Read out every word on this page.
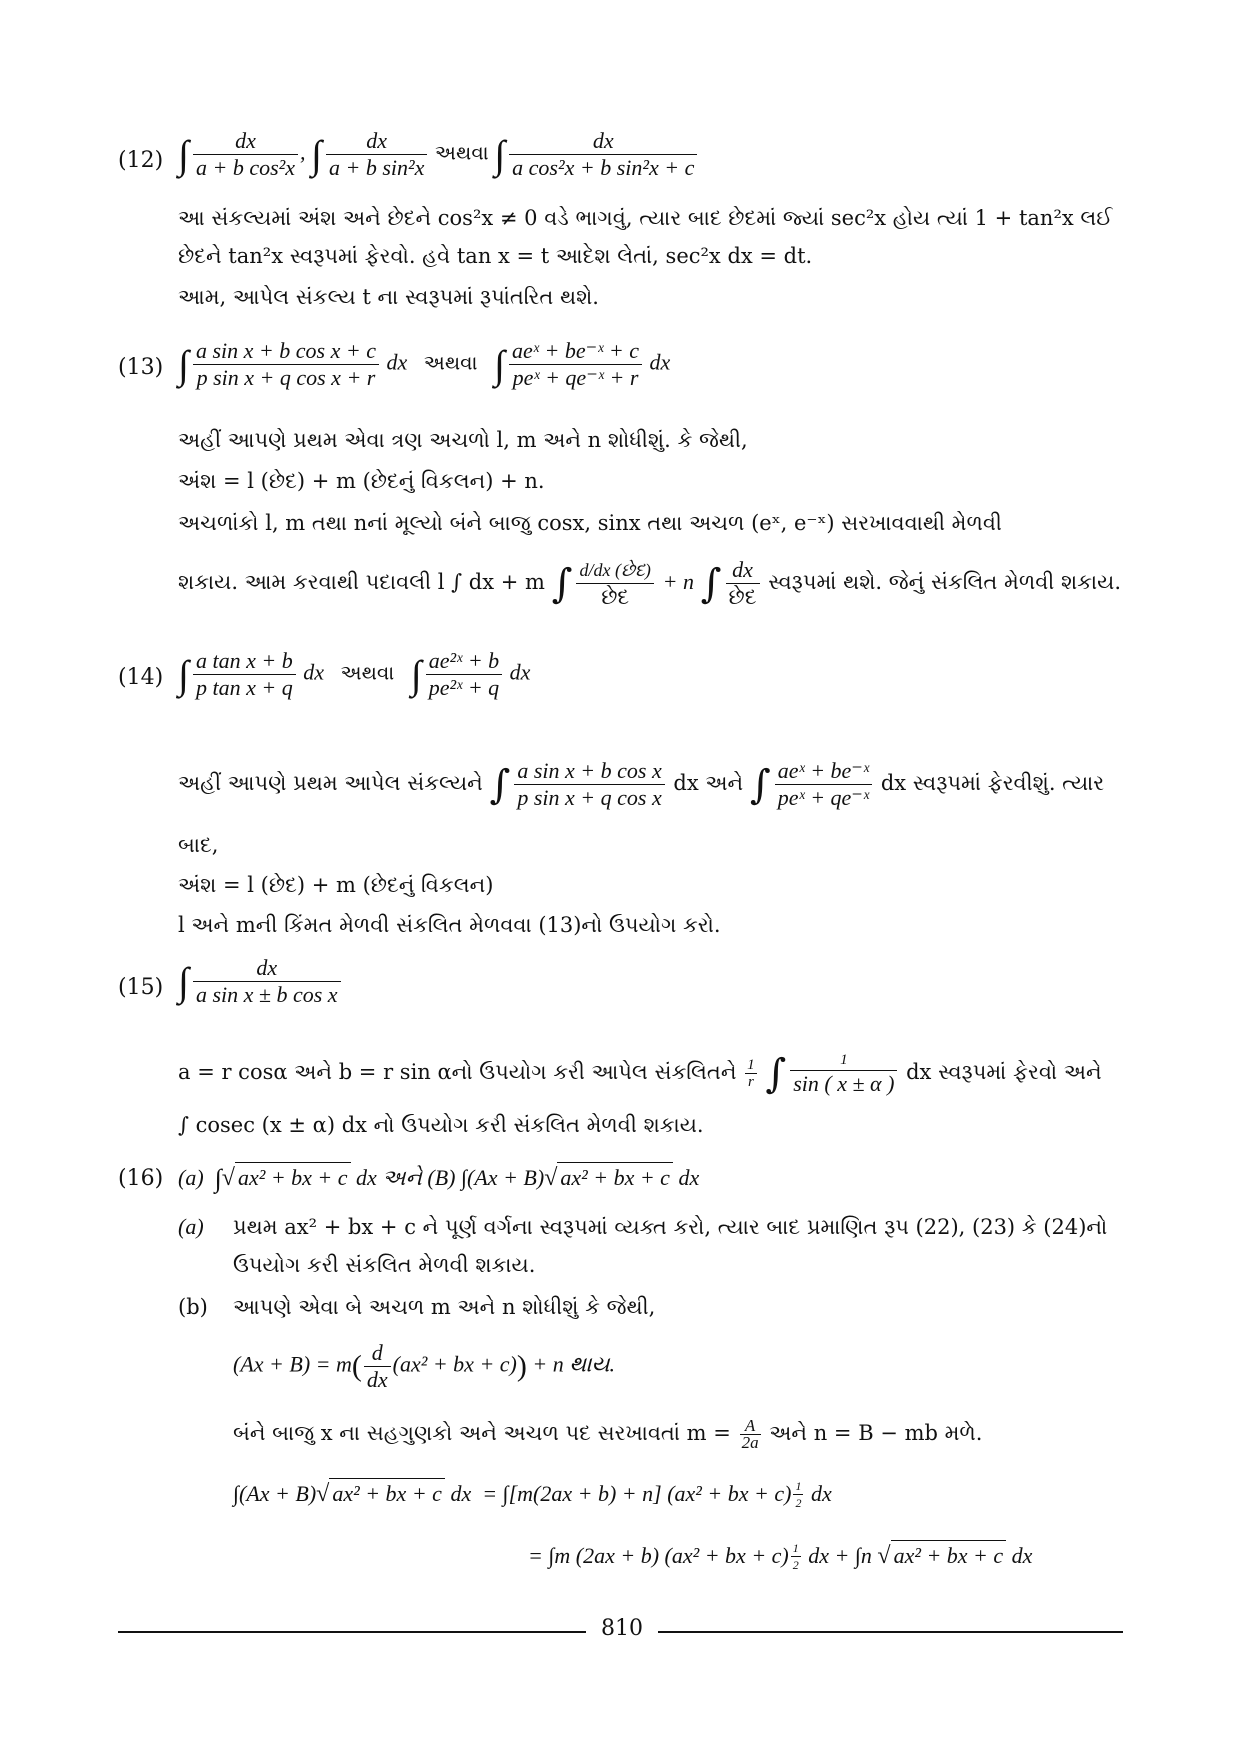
(12) ∫ $\frac{dx}{\text{a + b cos²x}}$ , ∫ $\frac{dx}{\text{a + b sin²x}}$ અથવા ∫ $\frac{dx}{\text{a cos²x + b sin²x + c}}$
આ સંકલ્યમાં અંશ અને છેદને cos²x ≠ 0 વડે ભાગવું, ત્યાર બાદ છેદમાં જ્યાં sec²x હોય ત્યાં 1 + tan²x લઈ
છેદને tan²x સ્વરૂપમાં ફેરવો. હવે tan x = t આદેશ લેતાં, sec²x dx = dt.
આમ, આપેલ સંકલ્ય t ના સ્વરૂપમાં રૂપાંતરિત થશે.
(13) ∫ $\frac{\text{a sin x + b cos x + c}}{\text{p sin x + q cos x + r}}$ dx અથવા ∫ $\frac{\text{aeˣ + be⁻ˣ + c}}{\text{peˣ + qe⁻ˣ + r}}$ dx
અહીં આપણે પ્રથમ એવા ત્રણ અચળો l, m અને n શોધીશું. કે જેથી,
અંશ = l (છેદ) + m (છેદનું વિકલન) + n.
અચળાંકો l, m તથા nનાં મૂલ્યો બંને બાજુ cosx, sinx તથા અચળ (eˣ, e⁻ˣ) સરખાવવાથી મેળવી
શકાય. આમ કરવાથી પદાવલી l ∫ dx + m ∫ $\frac{\text{d/dx (છેદ)}}{\text{છેદ}} + n$ ∫ $\frac{dx}{\text{છેદ}}$ સ્વરૂપમાં થશે. જેનું સંકલિત મેળવી શકાય.
(14) ∫ $\frac{\text{a tan x + b}}{\text{p tan x + q}}$ dx અથવા ∫ $\frac{\text{ae²ˣ + b}}{\text{pe²ˣ + q}}$ dx
અહીં આપણે પ્રથમ આપેલ સંકલ્યને ∫ $\frac{\text{a sin x + b cos x}}{\text{p sin x + q cos x}}$ dx અને ∫ $\frac{\text{aeˣ + be⁻ˣ}}{\text{peˣ + qe⁻ˣ}}$ dx સ્વરૂપમાં ફેરવીશું. ત્યાર
બાદ,
અંશ = l (છેદ) + m (છેદનું વિકલન)
l અને mની કિંમત મેળવી સંકલિત મેળવવા (13)નો ઉપયોગ કરો.
(15) ∫ $\frac{dx}{\text{a sin x ± b cos x}}$
a = r cosα અને b = r sin αનો ઉપયોગ કરી આપેલ સંકલિતને $\frac{1}{r}$ ∫ $\frac{1}{\sin ( x \pm \alpha )}$ dx સ્વરૂપમાં ફેરવો અને
∫ cosec (x ± α) dx નો ઉપયોગ કરી સંકલિત મેળવી શકાય.
(16) (a) ∫√ ax² + bx + c dx અને (B) ∫(Ax + B)√ ax² + bx + c dx
(a) પ્રથમ ax² + bx + c ને પૂર્ણ વર્ગના સ્વરૂપમાં વ્યક્ત કરો, ત્યાર બાદ પ્રમાણિત રૂપ (22), (23) કે (24)નો
ઉપયોગ કરી સંકલિત મેળવી શકાય.
(b) આપણે એવા બે અચળ m અને n શોધીશું કે જેથી,
$(Ax + B) = m( \frac{d}{dx} (ax^2$ + bx + c)) + n થાય.
બંને બાજુ x ના સહગુણકો અને અચળ પદ સરખાવતાં $m = \frac{A}{2a}$ અને n = B − mb મળે.
∫(Ax + B)√ ax² + bx + c dx = ∫[m(2ax + b) + n] (ax² + bx + $c) \frac{1}{2}$ dx
= ∫m (2ax + b) (ax² + bx + $c) \frac{1}{2}$ dx + ∫n √ ax² + bx + c dx
810
